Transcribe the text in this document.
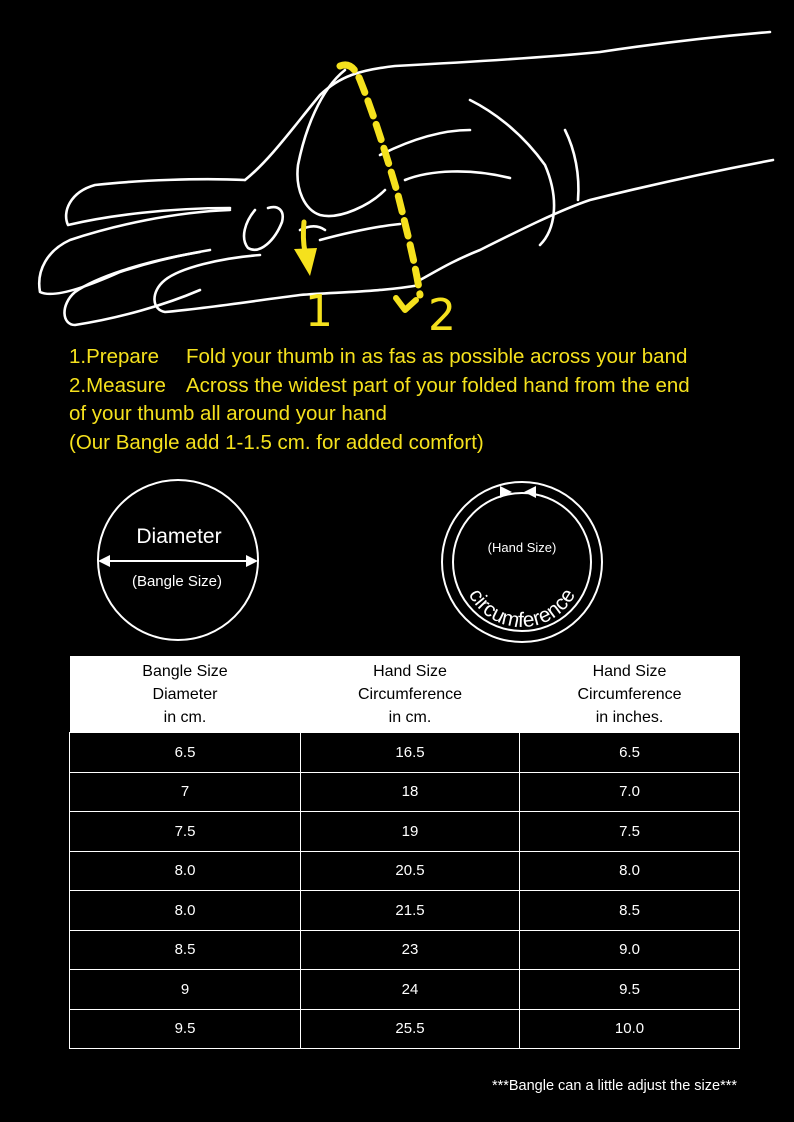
1 2
1.Prepare Fold your thumb in as fas as possible across your band
2.Measure Across the widest part of your folded hand from the end
of your thumb all around your hand
(Our Bangle add 1-1.5 cm. for added comfort)
Diameter
(Bangle Size)
(Hand Size)
circumference
Bangle Size
Diameter
in cm.	Hand Size
Circumference
in cm.	Hand Size
Circumference
in inches.

6.5	16.5	6.5
7	18	7.0
7.5	19	7.5
8.0	20.5	8.0
8.0	21.5	8.5
8.5	23	9.0
9	24	9.5
9.5	25.5	10.0
***Bangle can a little adjust the size***
